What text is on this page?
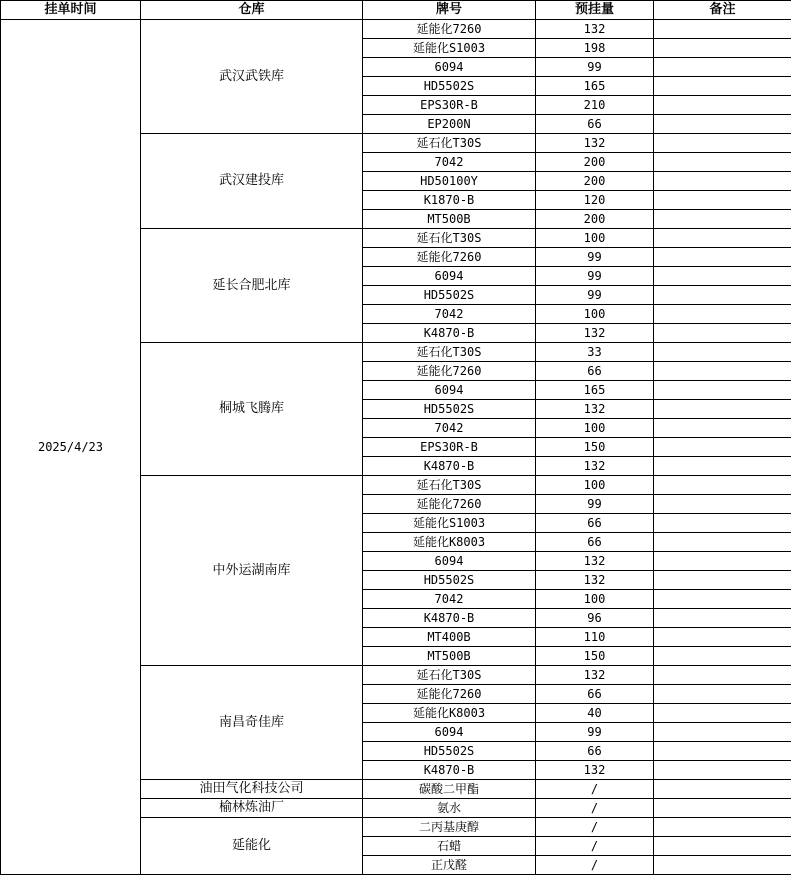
挂单时间	仓库	牌号	预挂量	备注
2025/4/23	武汉武铁库	延能化7260	132	
		延能化S1003	198	
		6094	99	
		HD5502S	165	
		EPS30R-B	210	
		EP200N	66	
	武汉建投库	延石化T30S	132	
		7042	200	
		HD50100Y	200	
		K1870-B	120	
		MT500B	200	
	延长合肥北库	延石化T30S	100	
		延能化7260	99	
		6094	99	
		HD5502S	99	
		7042	100	
		K4870-B	132	
	桐城飞腾库	延石化T30S	33	
		延能化7260	66	
		6094	165	
		HD5502S	132	
		7042	100	
		EPS30R-B	150	
		K4870-B	132	
	中外运湖南库	延石化T30S	100	
		延能化7260	99	
		延能化S1003	66	
		延能化K8003	66	
		6094	132	
		HD5502S	132	
		7042	100	
		K4870-B	96	
		MT400B	110	
		MT500B	150	
	南昌奇佳库	延石化T30S	132	
		延能化7260	66	
		延能化K8003	40	
		6094	99	
		HD5502S	66	
		K4870-B	132	
	油田气化科技公司	碳酸二甲酯	/	
	榆林炼油厂	氨水	/	
	延能化	二丙基庚醇	/	
		石蜡	/	
		正戊醛	/	
